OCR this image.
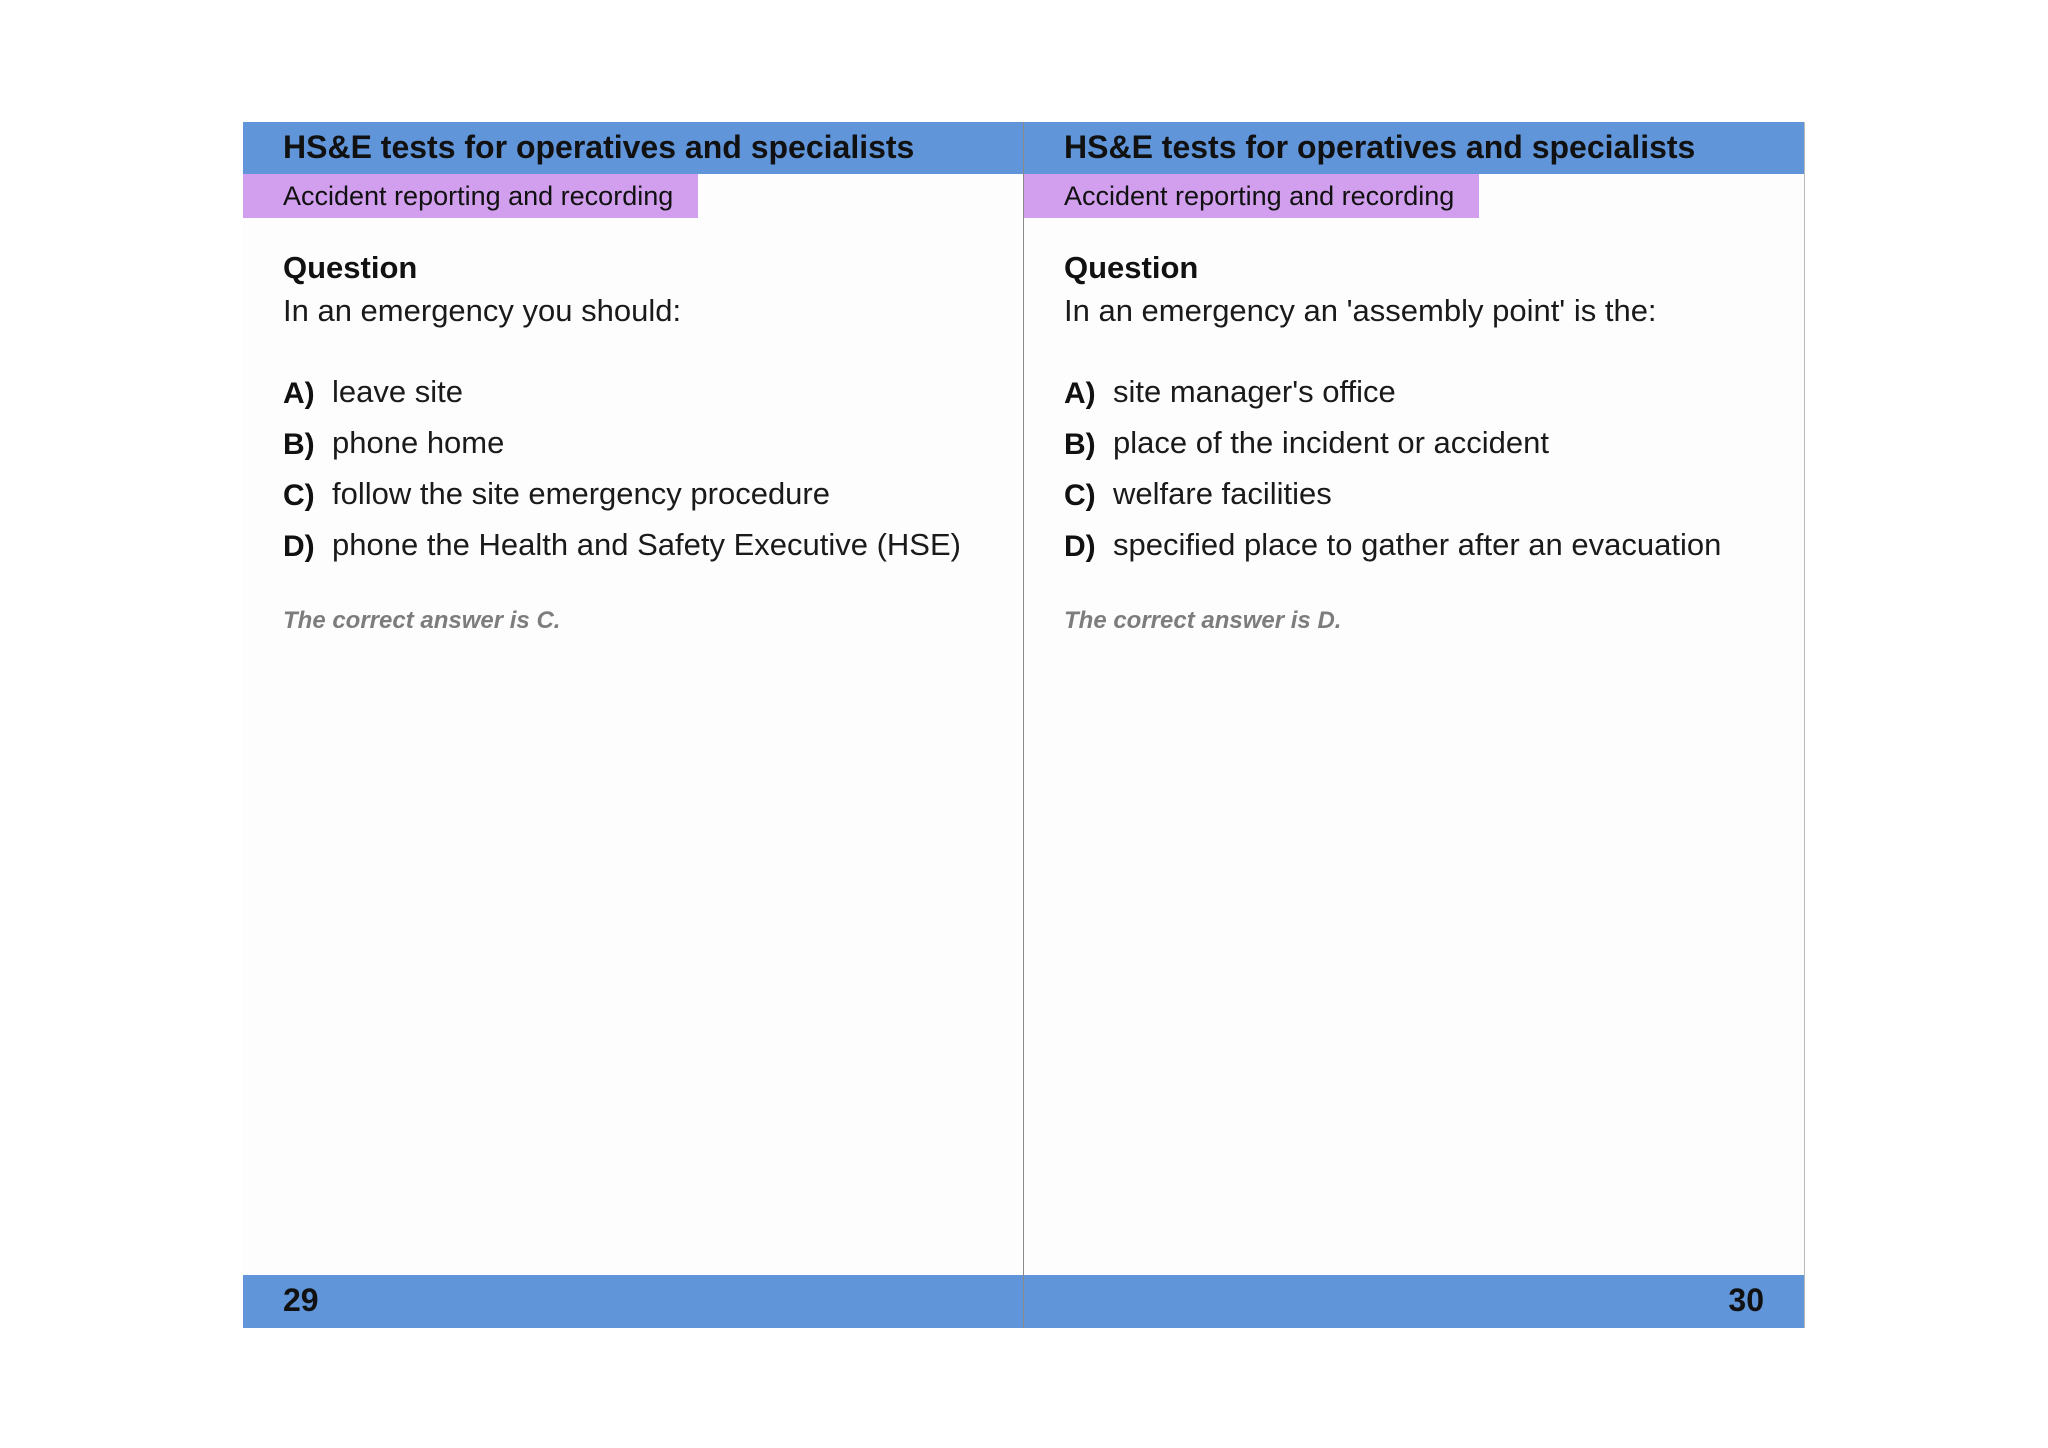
HS&E tests for operatives and specialists
Accident reporting and recording
Question
In an emergency you should:
A) leave site
B) phone home
C) follow the site emergency procedure
D) phone the Health and Safety Executive (HSE)
The correct answer is C.
29
HS&E tests for operatives and specialists
Accident reporting and recording
Question
In an emergency an 'assembly point' is the:
A) site manager's office
B) place of the incident or accident
C) welfare facilities
D) specified place to gather after an evacuation
The correct answer is D.
30
